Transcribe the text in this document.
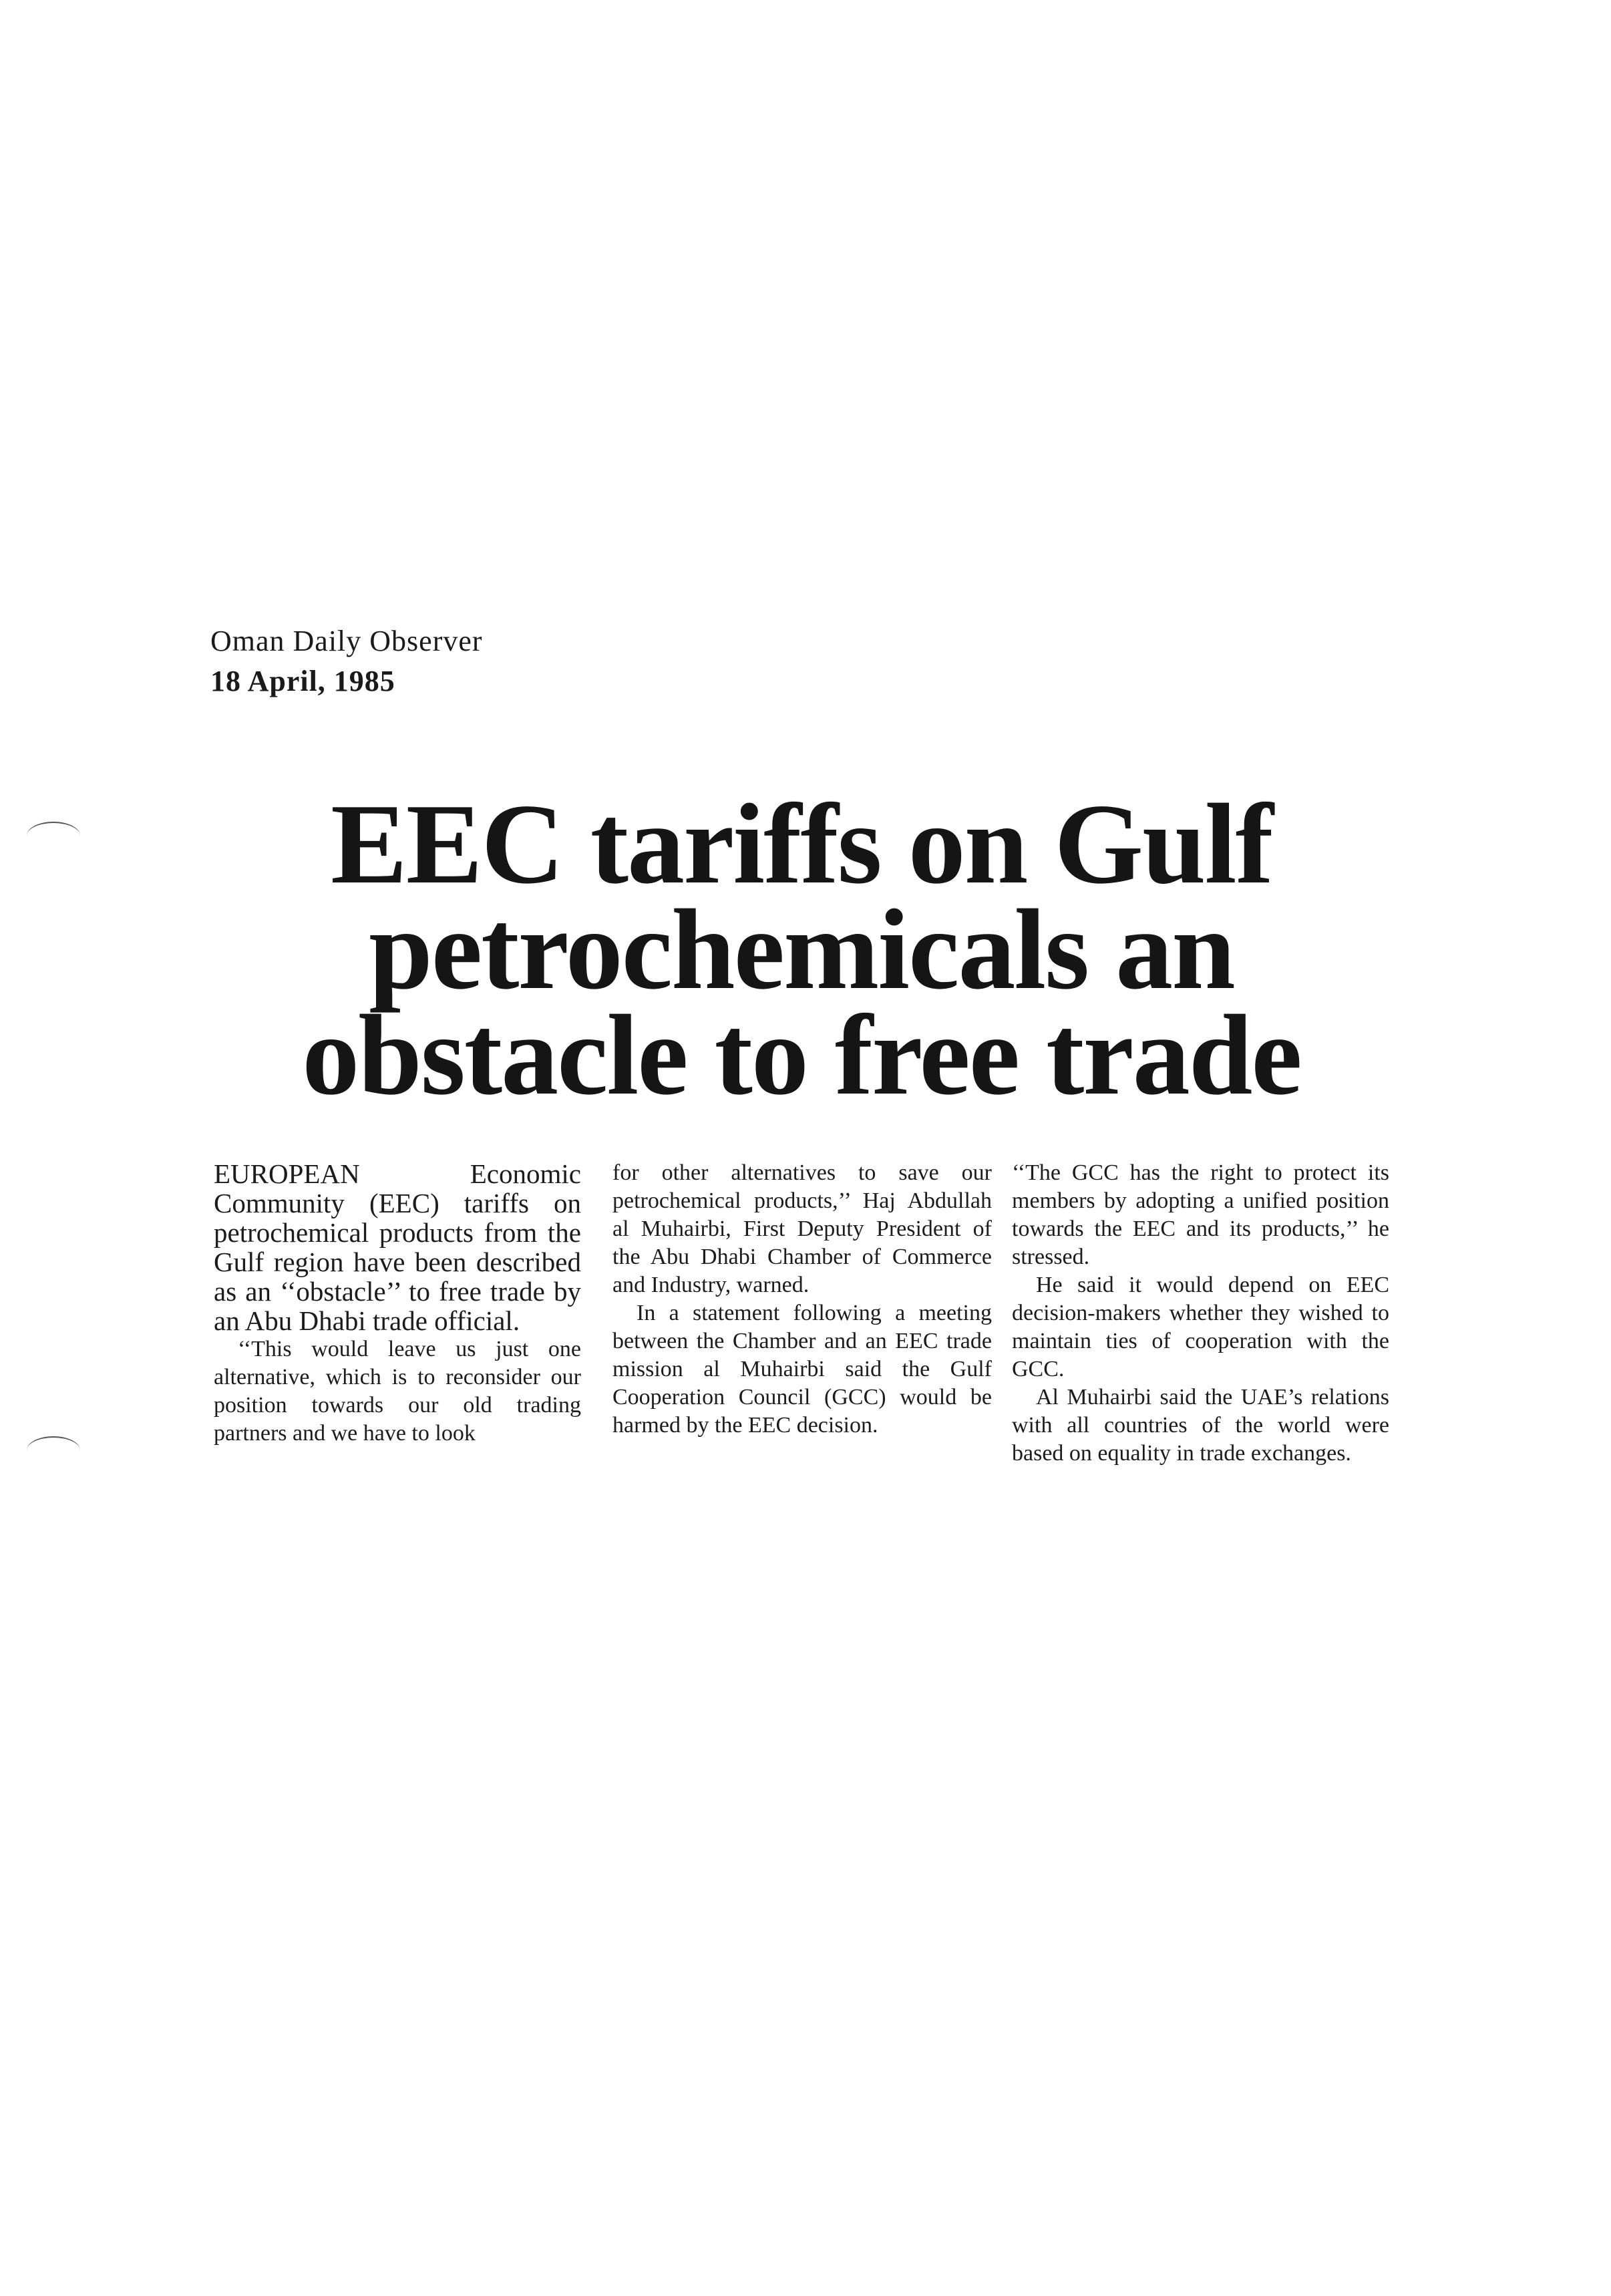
Oman Daily Observer
18 April, 1985
EEC tariffs on Gulf
petrochemicals an
obstacle to free trade

EUROPEAN Economic Community (EEC) tariffs on petrochemical products from the Gulf region have been described as an ‘‘obstacle’’ to free trade by an Abu Dhabi trade official.

‘‘This would leave us just one alternative, which is to reconsider our position towards our old trading partners and we have to look

for other alternatives to save our petrochemical products,’’ Haj Abdullah al Muhairbi, First Deputy President of the Abu Dhabi Chamber of Commerce and Industry, warned.

In a statement following a meeting between the Chamber and an EEC trade mission al Muhairbi said the Gulf Cooperation Council (GCC) would be harmed by the EEC decision.

‘‘The GCC has the right to protect its members by adopting a unified position towards the EEC and its products,’’ he stressed.

He said it would depend on EEC decision-makers whether they wished to maintain ties of cooperation with the GCC.

Al Muhairbi said the UAE’s relations with all countries of the world were based on equality in trade exchanges.
